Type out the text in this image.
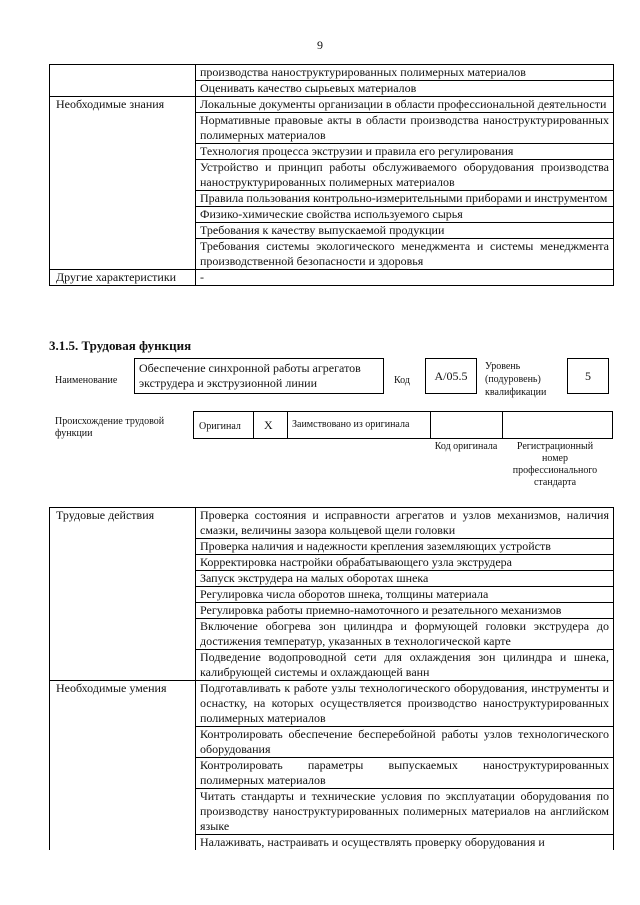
9
	производства наноструктурированных полимерных материалов
	Оценивать качество сырьевых материалов
Необходимые знания	Локальные документы организации в области профессиональной деятельности
	Нормативные правовые акты в области производства наноструктурированных полимерных материалов
	Технология процесса экструзии и правила его регулирования
	Устройство и принцип работы обслуживаемого оборудования производства наноструктурированных полимерных материалов
	Правила пользования контрольно-измерительными приборами и инструментом
	Физико-химические свойства используемого сырья
	Требования к качеству выпускаемой продукции
	Требования системы экологического менеджмента и системы менеджмента производственной безопасности и здоровья
Другие характеристики	-
3.1.5. Трудовая функция
Наименование
Обеспечение синхронной работы агрегатов экструдера и экструзионной линии	Код	А/05.5
Уровень (подуровень) квалификации
5
Происхождение трудовой функции
Оригинал X Заимствовано из оригинала
Код оригинала	Регистрационный номер профессионального стандарта
Трудовые действия	Проверка состояния и исправности агрегатов и узлов механизмов, наличия смазки, величины зазора кольцевой щели головки
	Проверка наличия и надежности крепления заземляющих устройств
	Корректировка настройки обрабатывающего узла экструдера
	Запуск экструдера на малых оборотах шнека
	Регулировка числа оборотов шнека, толщины материала
	Регулировка работы приемно-намоточного и резательного механизмов
	Включение обогрева зон цилиндра и формующей головки экструдера до достижения температур, указанных в технологической карте
	Подведение водопроводной сети для охлаждения зон цилиндра и шнека, калибрующей системы и охлаждающей ванн
Необходимые умения	Подготавливать к работе узлы технологического оборудования, инструменты и оснастку, на которых осуществляется производство наноструктурированных полимерных материалов
	Контролировать обеспечение бесперебойной работы узлов технологического оборудования
	Контролировать параметры выпускаемых наноструктурированных полимерных материалов
	Читать стандарты и технические условия по эксплуатации оборудования по производству наноструктурированных полимерных материалов на английском языке
	Налаживать, настраивать и осуществлять проверку оборудования и
